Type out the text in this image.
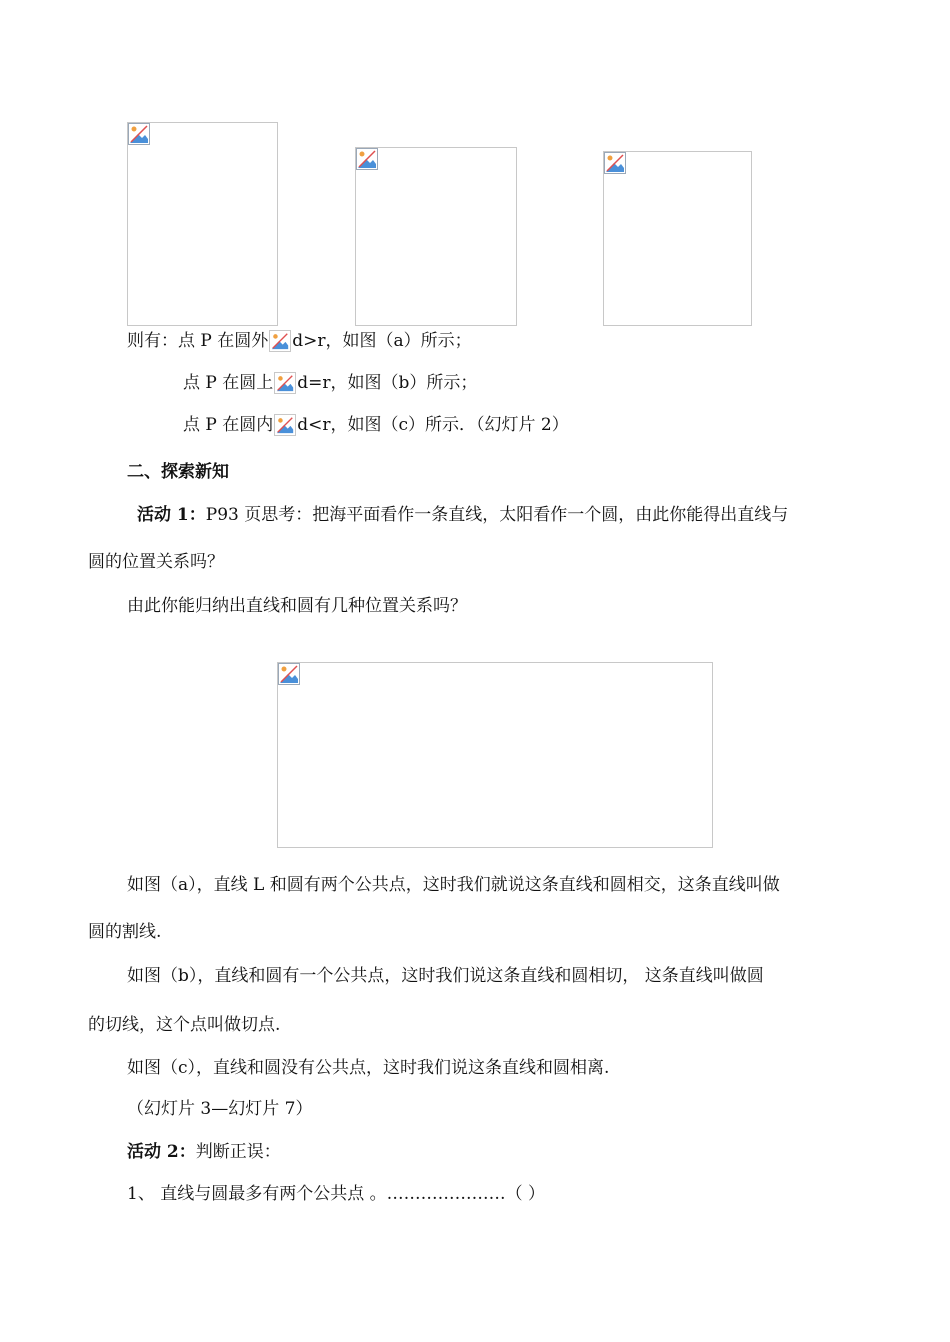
则有：点 P 在圆外 d>r，如图（a）所示；
点 P 在圆上 d=r，如图（b）所示；
点 P 在圆内 d<r，如图（c）所示．（幻灯片 2）
二、探索新知
活动 1：P93 页思考：把海平面看作一条直线，太阳看作一个圆，由此你能得出直线与
圆的位置关系吗？
由此你能归纳出直线和圆有几种位置关系吗？
如图（a），直线 L 和圆有两个公共点，这时我们就说这条直线和圆相交，这条直线叫做
圆的割线.
如图（b），直线和圆有一个公共点，这时我们说这条直线和圆相切， 这条直线叫做圆
的切线，这个点叫做切点.
如图（c），直线和圆没有公共点，这时我们说这条直线和圆相离.
（幻灯片 3—幻灯片 7）
活动 2：判断正误：
1、 直线与圆最多有两个公共点 。…………………（ ）
